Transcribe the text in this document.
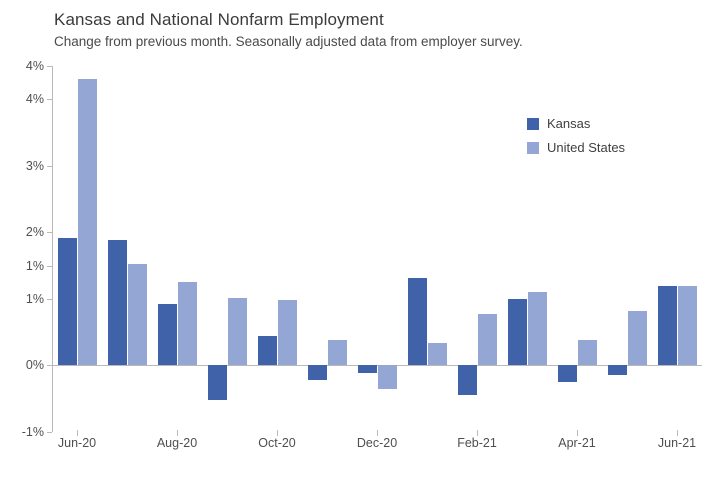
Kansas and National Nonfarm Employment
Change from previous month. Seasonally adjusted data from employer survey.
4%
4%
3%
2%
1%
1%
0%
-1%
Jun-20	Aug-20	Oct-20	Dec-20	Feb-21	Apr-21	Jun-21
Kansas
United States
